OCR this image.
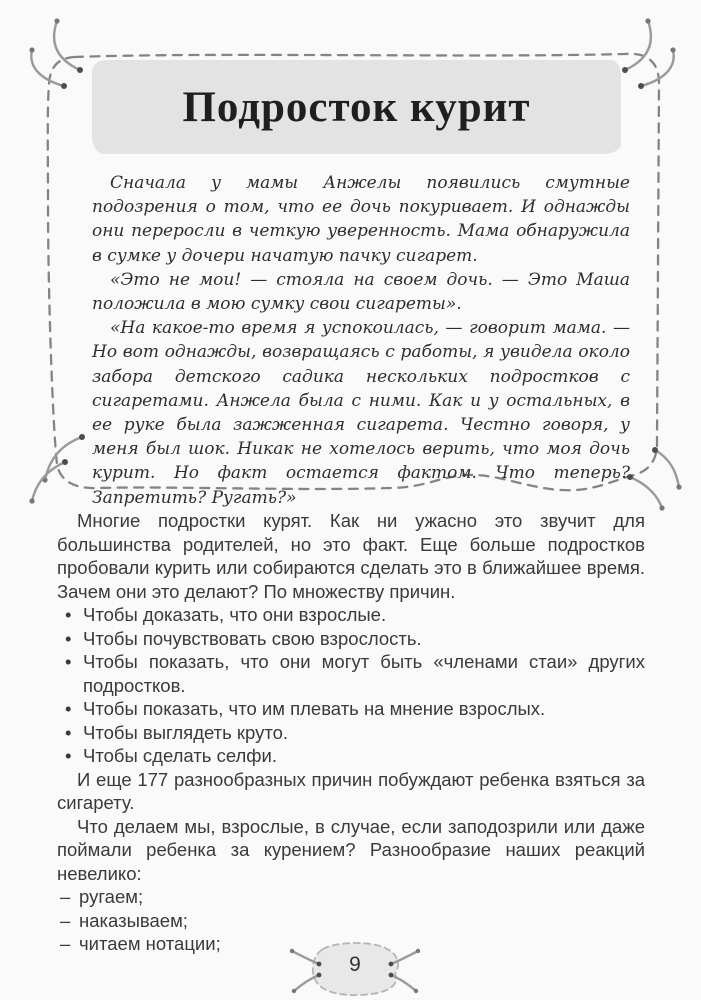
Подросток курит

Сначала у мамы Анжелы появились смутные подозрения о том, что ее дочь покуривает. И однажды они переросли в четкую уверенность. Мама обнаружила в сумке у дочери начатую пачку сигарет.

«Это не мои! — стояла на своем дочь. — Это Маша положила в мою сумку свои сигареты».

«На какое-то время я успокоилась, — говорит мама. — Но вот однажды, возвращаясь с работы, я увидела около забора детского садика нескольких подростков с сигаретами. Анжела была с ними. Как и у остальных, в ее руке была зажженная сигарета. Честно говоря, у меня был шок. Никак не хотелось верить, что моя дочь курит. Но факт остается фактом. Что теперь? Запретить? Ругать?»

Многие подростки курят. Как ни ужасно это звучит для большинства родителей, но это факт. Еще больше подростков пробовали курить или собираются сделать это в ближайшее время. Зачем они это делают? По множеству причин.

• Чтобы доказать, что они взрослые.
• Чтобы почувствовать свою взрослость.
• Чтобы показать, что они могут быть «членами стаи» других подростков.
• Чтобы показать, что им плевать на мнение взрослых.
• Чтобы выглядеть круто.
• Чтобы сделать селфи.

И еще 177 разнообразных причин побуждают ребенка взяться за сигарету.

Что делаем мы, взрослые, в случае, если заподозрили или даже поймали ребенка за курением? Разнообразие наших реакций невелико:

– ругаем;
– наказываем;
– читаем нотации;
9
